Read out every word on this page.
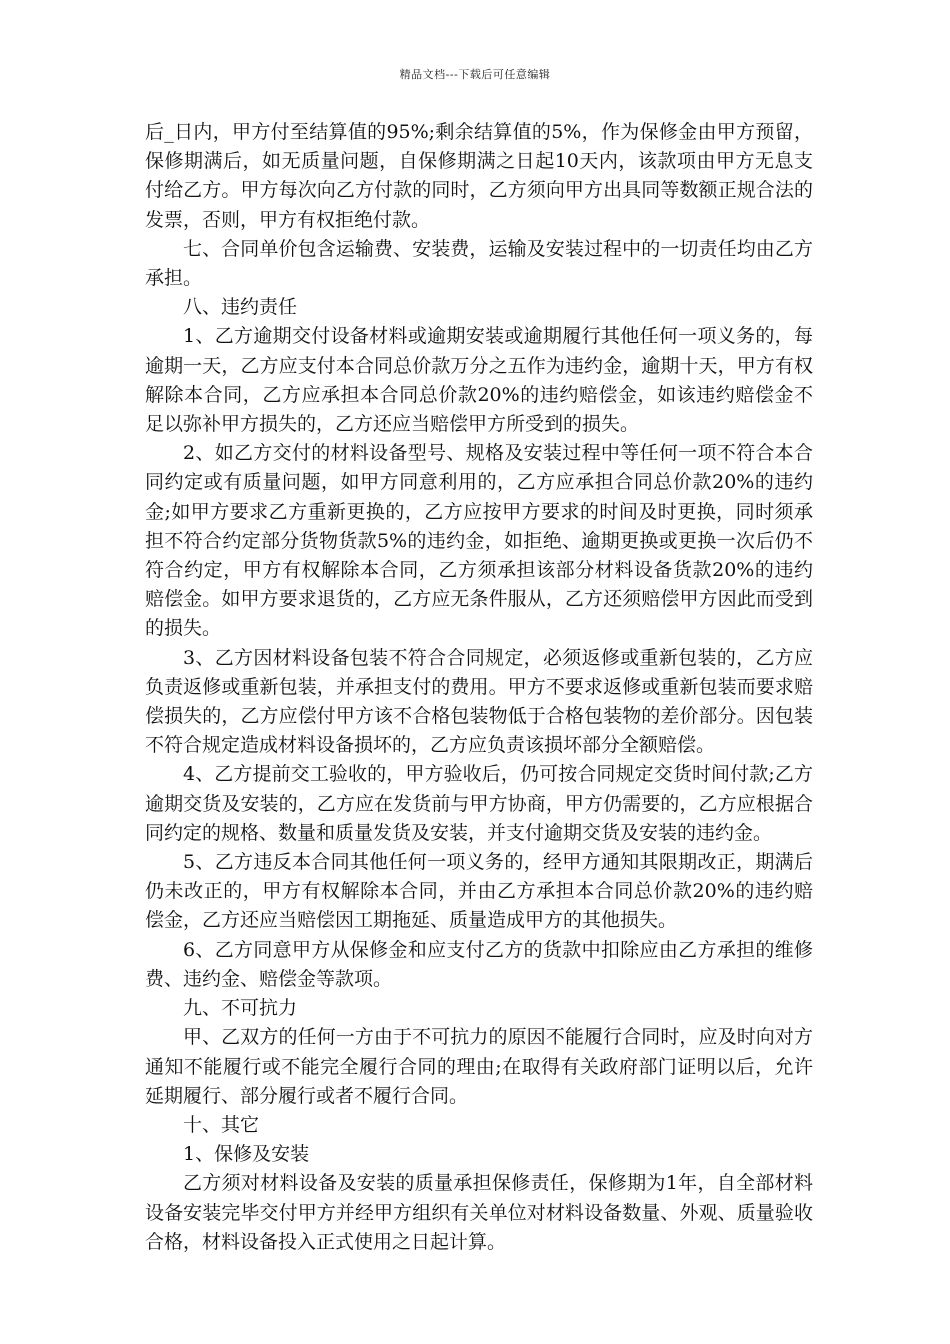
精品文档---下载后可任意编辑

后_日内，甲方付至结算值的95%;剩余结算值的5%，作为保修金由甲方预留，保修期满后，如无质量问题，自保修期满之日起10天内，该款项由甲方无息支付给乙方。甲方每次向乙方付款的同时，乙方须向甲方出具同等数额正规合法的发票，否则，甲方有权拒绝付款。

七、合同单价包含运输费、安装费，运输及安装过程中的一切责任均由乙方承担。

八、违约责任

1、乙方逾期交付设备材料或逾期安装或逾期履行其他任何一项义务的，每逾期一天，乙方应支付本合同总价款万分之五作为违约金，逾期十天，甲方有权解除本合同，乙方应承担本合同总价款20%的违约赔偿金，如该违约赔偿金不足以弥补甲方损失的，乙方还应当赔偿甲方所受到的损失。

2、如乙方交付的材料设备型号、规格及安装过程中等任何一项不符合本合同约定或有质量问题，如甲方同意利用的，乙方应承担合同总价款20%的违约金;如甲方要求乙方重新更换的，乙方应按甲方要求的时间及时更换，同时须承担不符合约定部分货物货款5%的违约金，如拒绝、逾期更换或更换一次后仍不符合约定，甲方有权解除本合同，乙方须承担该部分材料设备货款20%的违约赔偿金。如甲方要求退货的，乙方应无条件服从，乙方还须赔偿甲方因此而受到的损失。

3、乙方因材料设备包装不符合合同规定，必须返修或重新包装的，乙方应负责返修或重新包装，并承担支付的费用。甲方不要求返修或重新包装而要求赔偿损失的，乙方应偿付甲方该不合格包装物低于合格包装物的差价部分。因包装不符合规定造成材料设备损坏的，乙方应负责该损坏部分全额赔偿。

4、乙方提前交工验收的，甲方验收后，仍可按合同规定交货时间付款;乙方逾期交货及安装的，乙方应在发货前与甲方协商，甲方仍需要的，乙方应根据合同约定的规格、数量和质量发货及安装，并支付逾期交货及安装的违约金。

5、乙方违反本合同其他任何一项义务的，经甲方通知其限期改正，期满后仍未改正的，甲方有权解除本合同，并由乙方承担本合同总价款20%的违约赔偿金，乙方还应当赔偿因工期拖延、质量造成甲方的其他损失。

6、乙方同意甲方从保修金和应支付乙方的货款中扣除应由乙方承担的维修费、违约金、赔偿金等款项。

九、不可抗力

甲、乙双方的任何一方由于不可抗力的原因不能履行合同时，应及时向对方通知不能履行或不能完全履行合同的理由;在取得有关政府部门证明以后，允许延期履行、部分履行或者不履行合同。

十、其它

1、保修及安装

乙方须对材料设备及安装的质量承担保修责任，保修期为1年，自全部材料设备安装完毕交付甲方并经甲方组织有关单位对材料设备数量、外观、质量验收合格，材料设备投入正式使用之日起计算。
